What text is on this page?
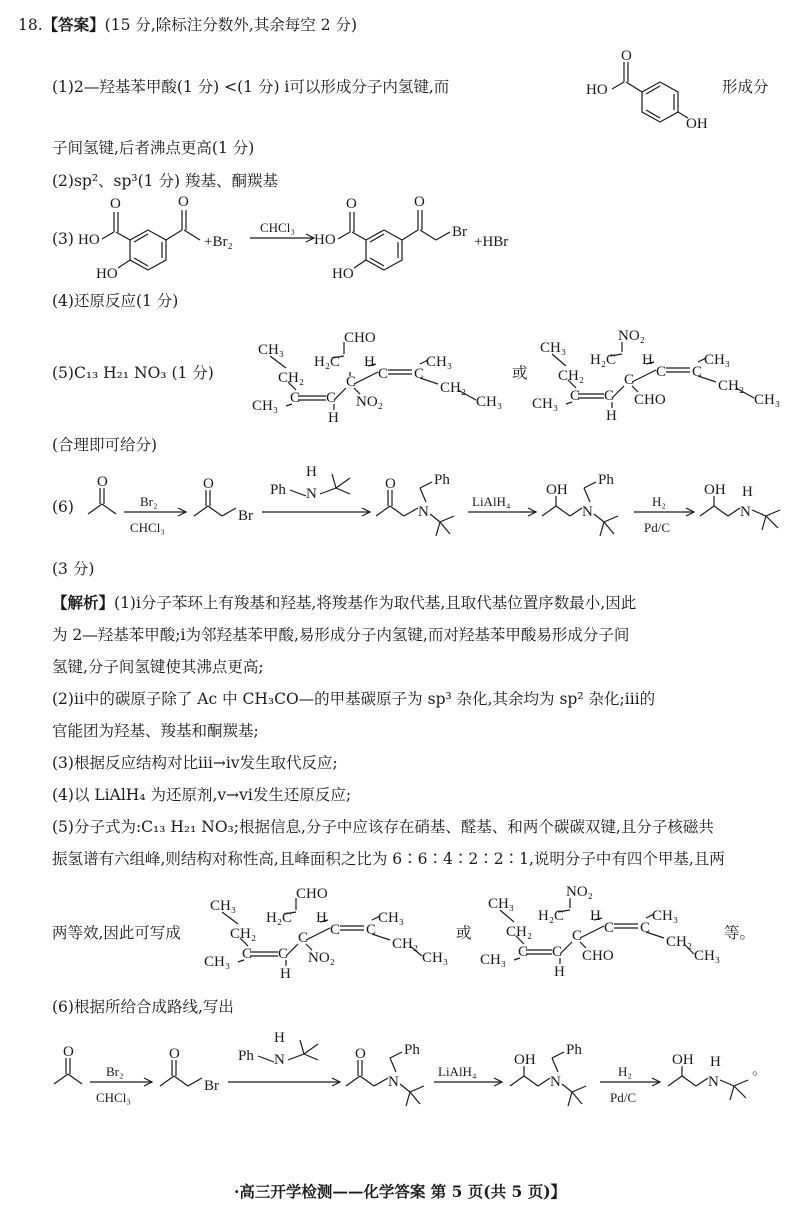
18.【答案】(15 分,除标注分数外,其余每空 2 分)
(1)2—羟基苯甲酸(1 分) <(1 分) ⅰ可以形成分子内氢键,而	HO
O
OH
形成分
子间氢键,后者沸点更高(1 分)
(2)sp²、sp³(1 分) 羧基、酮羰基
(3) HO
O
HO
O
+Br₂
CHCl₃
HO
O
HO
O
Br
+HBr
(4)还原反应(1 分)
(5)C₁₃ H₂₁ NO₃ (1 分)
CHO
CH₃
H₂C H	CH₃
CH₂	C C C
CH₂
CH₃ C C NO₂	CH₃
H
或
NO₂
CH₃
H₂C H	CH₃
CH₂	C C C
CH₂
CH₃ C C CHO	CH₃
H
(合理即可给分)
(6)
O
Br₂
CHCl₃
O
Br
Ph N
H
O
N
Ph
LiAlH₄
OH
N
Ph
H₂
Pd/C
OH
N
H
(3 分)
【解析】(1)ⅰ分子苯环上有羧基和羟基,将羧基作为取代基,且取代基位置序数最小,因此
为 2—羟基苯甲酸;ⅰ为邻羟基苯甲酸,易形成分子内氢键,而对羟基苯甲酸易形成分子间
氢键,分子间氢键使其沸点更高;
(2)ⅱ中的碳原子除了 Ac 中 CH₃CO—的甲基碳原子为 sp³ 杂化,其余均为 sp² 杂化;ⅲ的
官能团为羟基、羧基和酮羰基;
(3)根据反应结构对比ⅲ→ⅳ发生取代反应;
(4)以 LiAlH₄ 为还原剂,ⅴ→ⅵ发生还原反应;
(5)分子式为:C₁₃ H₂₁ NO₃;根据信息,分子中应该存在硝基、醛基、和两个碳碳双键,且分子核磁共
振氢谱有六组峰,则结构对称性高,且峰面积之比为 6∶6∶4∶2∶2∶1,说明分子中有四个甲基,且两
两等效,因此可写成
CHO
CH₃
H₂C H	CH₃
CH₂	C C C
CH₂
CH₃ C C NO₂	CH₃
H
或
NO₂
CH₃
H₂C H	CH₃
CH₂	C C C
CH₂
CH₃ C C CHO	CH₃
H
等。
(6)根据所给合成路线,写出
O
Br₂
CHCl₃
O
Br
Ph N
H
O
N
Ph
LiAlH₄
OH
N
Ph
H₂
Pd/C
OH
N
H 。
·高三开学检测——化学答案 第 5 页(共 5 页)】
